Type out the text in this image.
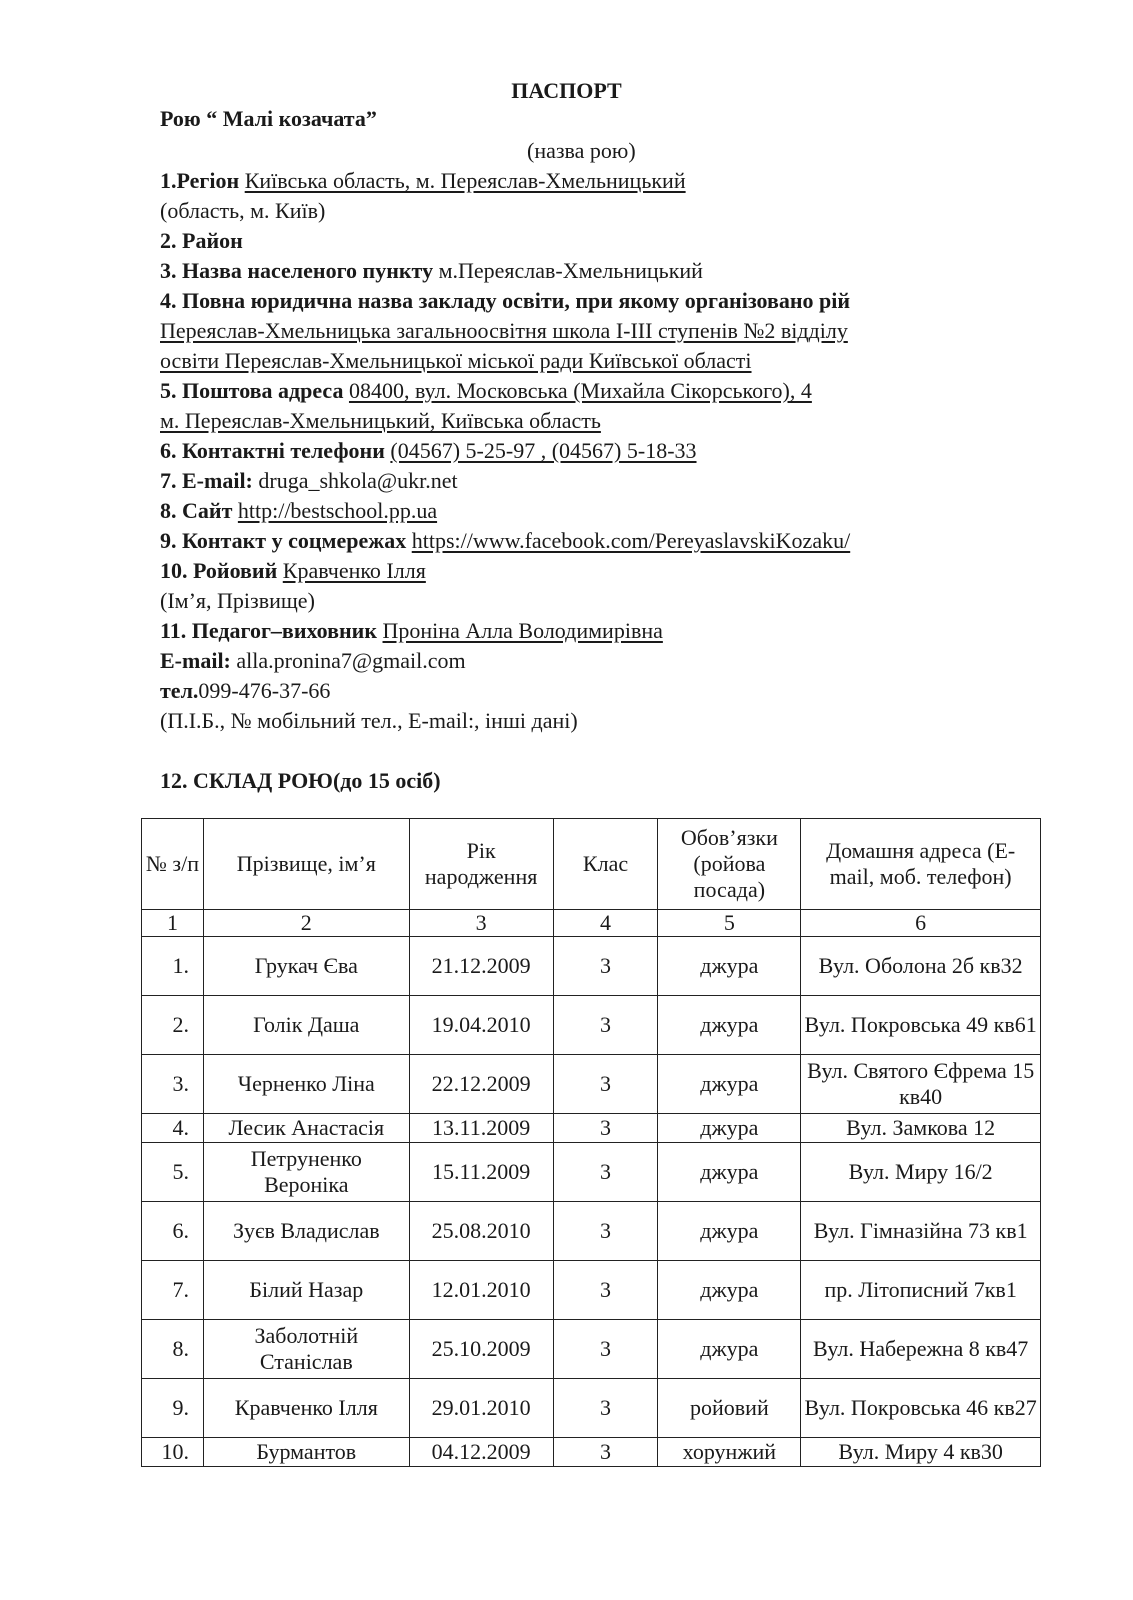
ПАСПОРТ
Рою “ Малі козачата”
(назва рою)
1.Регіон Київська область, м. Переяслав-Хмельницький
(область, м. Київ)
2. Район
3. Назва населеного пункту м.Переяслав-Хмельницький
4. Повна юридична назва закладу освіти, при якому організовано рій
Переяслав-Хмельницька загальноосвітня школа I-III ступенів №2 відділу
освіти Переяслав-Хмельницької міської ради Київської області
5. Поштова адреса 08400, вул. Московська (Михайла Сікорського), 4
м. Переяслав-Хмельницький, Київська область
6. Контактні телефони (04567) 5-25-97 , (04567) 5-18-33
7. E-mail: druga_shkola@ukr.net
8. Сайт http://bestschool.pp.ua
9. Контакт у соцмережах https://www.facebook.com/PereyaslavskiKozaku/
10. Ройовий Кравченко Ілля
(Ім’я, Прізвище)
11. Педагог–виховник Проніна Алла Володимирівна
E-mail: alla.pronina7@gmail.com
тел.099-476-37-66
(П.І.Б., № мобільний тел., E-mail:, інші дані)
12. СКЛАД РОЮ(до 15 осіб)
№ з/п	Прізвище, ім’я	Рік народження	Клас	Обов’язки (ройова посада)	Домашня адреса (E-mail, моб. телефон)
1	2	3	4	5	6
1.	Грукач Єва	21.12.2009	3	джура	Вул. Оболона 2б кв32
2.	Голік Даша	19.04.2010	3	джура	Вул. Покровська 49 кв61
3.	Черненко Ліна	22.12.2009	3	джура	Вул. Святого Єфрема 15 кв40
4.	Лесик Анастасія	13.11.2009	3	джура	Вул. Замкова 12
5.	Петруненко Вероніка	15.11.2009	3	джура	Вул. Миру 16/2
6.	Зуєв Владислав	25.08.2010	3	джура	Вул. Гімназійна 73 кв1
7.	Білий Назар	12.01.2010	3	джура	пр. Літописний 7кв1
8.	Заболотній Станіслав	25.10.2009	3	джура	Вул. Набережна 8 кв47
9.	Кравченко Ілля	29.01.2010	3	ройовий	Вул. Покровська 46 кв27
10.	Бурмантов	04.12.2009	3	хорунжий	Вул. Миру 4 кв30
